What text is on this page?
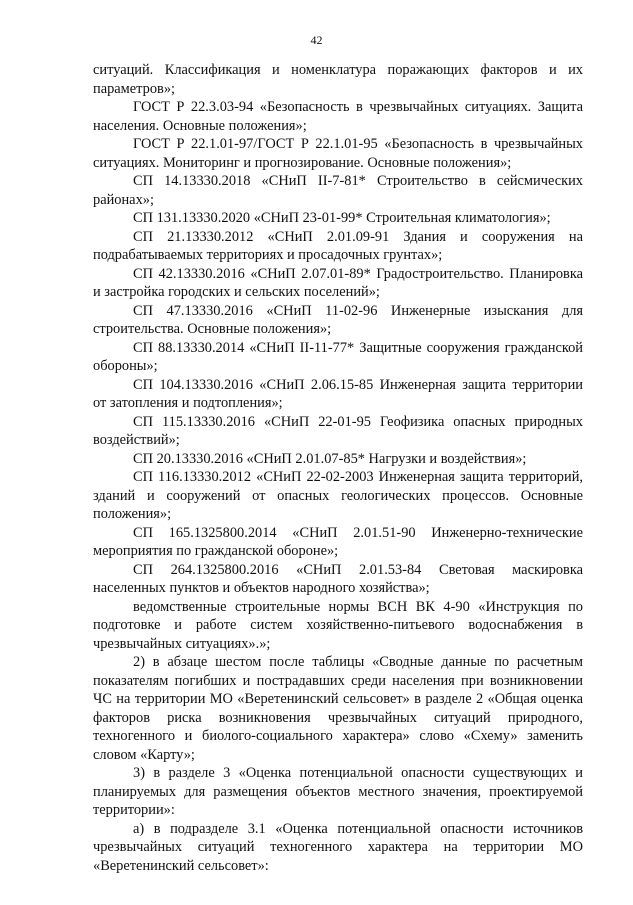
42

ситуаций. Классификация и номенклатура поражающих факторов и их параметров»;

ГОСТ Р 22.3.03-94 «Безопасность в чрезвычайных ситуациях. Защита населения. Основные положения»;

ГОСТ Р 22.1.01-97/ГОСТ Р 22.1.01-95 «Безопасность в чрезвычайных ситуациях. Мониторинг и прогнозирование. Основные положения»;

СП 14.13330.2018 «СНиП II-7-81* Строительство в сейсмических районах»;

СП 131.13330.2020 «СНиП 23-01-99* Строительная климатология»;

СП 21.13330.2012 «СНиП 2.01.09-91 Здания и сооружения на подрабатываемых территориях и просадочных грунтах»;

СП 42.13330.2016 «СНиП 2.07.01-89* Градостроительство. Планировка и застройка городских и сельских поселений»;

СП 47.13330.2016 «СНиП 11-02-96 Инженерные изыскания для строительства. Основные положения»;

СП 88.13330.2014 «СНиП II-11-77* Защитные сооружения гражданской обороны»;

СП 104.13330.2016 «СНиП 2.06.15-85 Инженерная защита территории от затопления и подтопления»;

СП 115.13330.2016 «СНиП 22-01-95 Геофизика опасных природных воздействий»;

СП 20.13330.2016 «СНиП 2.01.07-85* Нагрузки и воздействия»;

СП 116.13330.2012 «СНиП 22-02-2003 Инженерная защита территорий, зданий и сооружений от опасных геологических процессов. Основные положения»;

СП 165.1325800.2014 «СНиП 2.01.51-90 Инженерно-технические мероприятия по гражданской обороне»;

СП 264.1325800.2016 «СНиП 2.01.53-84 Световая маскировка населенных пунктов и объектов народного хозяйства»;

ведомственные строительные нормы ВСН ВК 4-90 «Инструкция по подготовке и работе систем хозяйственно-питьевого водоснабжения в чрезвычайных ситуациях».»;

2) в абзаце шестом после таблицы «Сводные данные по расчетным показателям погибших и пострадавших среди населения при возникновении ЧС на территории МО «Веретенинский сельсовет» в разделе 2 «Общая оценка факторов риска возникновения чрезвычайных ситуаций природного, техногенного и биолого-социального характера» слово «Схему» заменить словом «Карту»;

3) в разделе 3 «Оценка потенциальной опасности существующих и планируемых для размещения объектов местного значения, проектируемой территории»:

а) в подразделе 3.1 «Оценка потенциальной опасности источников чрезвычайных ситуаций техногенного характера на территории МО «Веретенинский сельсовет»:
